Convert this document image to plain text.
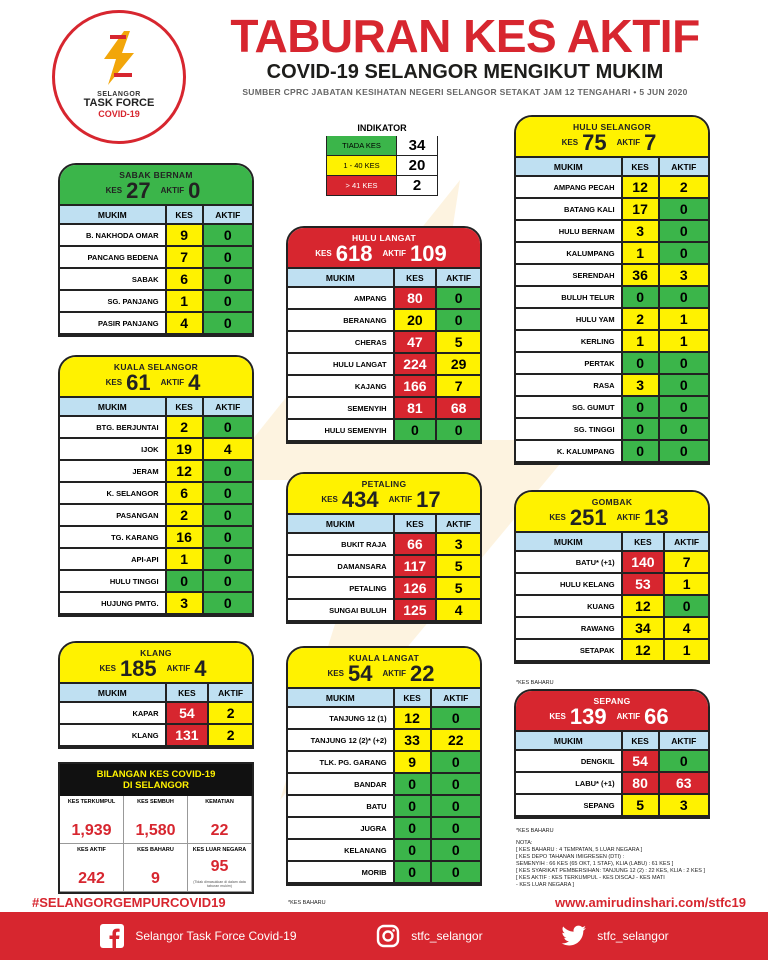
SELANGOR
TASK FORCE
COVID-19
TABURAN KES AKTIF
COVID-19 SELANGOR MENGIKUT MUKIM
SUMBER CPRC JABATAN KESIHATAN NEGERI SELANGOR SETAKAT JAM 12 TENGAHARI • 5 JUN 2020
INDIKATOR
TIADA KES	34
1 - 40 KES	20
> 41 KES	2
SABAK BERNAM
KES 27 AKTIF 0
MUKIM	KES	AKTIF
B. NAKHODA OMAR	9	0
PANCANG BEDENA	7	0
SABAK	6	0
SG. PANJANG	1	0
PASIR PANJANG	4	0
KUALA SELANGOR
KES 61 AKTIF 4
MUKIM	KES	AKTIF
BTG. BERJUNTAI	2	0
IJOK	19	4
JERAM	12	0
K. SELANGOR	6	0
PASANGAN	2	0
TG. KARANG	16	0
API-API	1	0
HULU TINGGI	0	0
HUJUNG PMTG.	3	0
KLANG
KES 185 AKTIF 4
MUKIM	KES	AKTIF
KAPAR	54	2
KLANG	131	2
HULU LANGAT
KES 618 AKTIF 109
MUKIM	KES	AKTIF
AMPANG	80	0
BERANANG	20	0
CHERAS	47	5
HULU LANGAT	224	29
KAJANG	166	7
SEMENYIH	81	68
HULU SEMENYIH	0	0
PETALING
KES 434 AKTIF 17
MUKIM	KES	AKTIF
BUKIT RAJA	66	3
DAMANSARA	117	5
PETALING	126	5
SUNGAI BULUH	125	4
KUALA LANGAT
KES 54 AKTIF 22
MUKIM	KES	AKTIF
TANJUNG 12 (1)	12	0
TANJUNG 12 (2)* (+2)	33	22
TLK. PG. GARANG	9	0
BANDAR	0	0
BATU	0	0
JUGRA	0	0
KELANANG	0	0
MORIB	0	0
HULU SELANGOR
KES 75 AKTIF 7
MUKIM	KES	AKTIF
AMPANG PECAH	12	2
BATANG KALI	17	0
HULU BERNAM	3	0
KALUMPANG	1	0
SERENDAH	36	3
BULUH TELUR	0	0
HULU YAM	2	1
KERLING	1	1
PERTAK	0	0
RASA	3	0
SG. GUMUT	0	0
SG. TINGGI	0	0
K. KALUMPANG	0	0
GOMBAK
KES 251 AKTIF 13
MUKIM	KES	AKTIF
BATU* (+1)	140	7
HULU KELANG	53	1
KUANG	12	0
RAWANG	34	4
SETAPAK	12	1
SEPANG
KES 139 AKTIF 66
MUKIM	KES	AKTIF
DENGKIL	54	0
LABU* (+1)	80	63
SEPANG	5	3
*KES BAHARU
*KES BAHARU
*KES BAHARU
NOTA:
[ KES BAHARU : 4 TEMPATAN, 5 LUAR NEGARA ]
[ KES DEPO TAHANAN IMIGRESEN (DTI) :
SEMENYIH : 66 KES (65 OKT, 1 STAF), KLIA (LABU) : 61 KES ]
[ KES SYARIKAT PEMBERSIHAN: TANJUNG 12 (2) : 22 KES, KLIA : 2 KES ]
[ KES AKTIF : KES TERKUMPUL - KES DISCAJ - KES MATI
- KES LUAR NEGARA ]
BILANGAN KES COVID-19
DI SELANGOR
KES TERKUMPUL
1,939
KES SEMBUH
1,580
KEMATIAN
22
KES AKTIF
242
KES BAHARU
9
KES LUAR NEGARA
95
(Tidak dimasukkan di dalam data taburan mukim)
#SELANGORGEMPURCOVID19	www.amirudinshari.com/stfc19
Selangor Task Force Covid-19	stfc_selangor	stfc_selangor
